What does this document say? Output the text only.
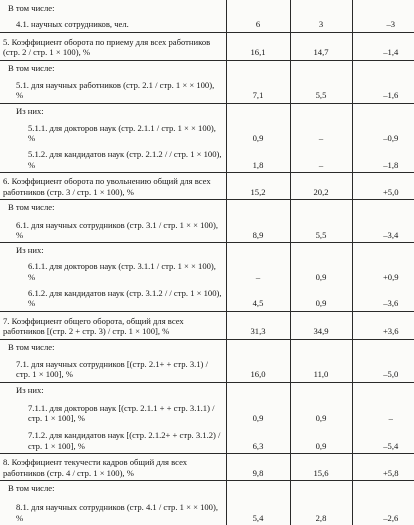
В том числе:			

4.1. научных сотрудников, чел.	6	3	–3

5. Коэффициент оборота по приему для всех работников (стр. 2 / стр. 1 × 100), %	16,1	14,7	–1,4

В том числе:			

5.1. для научных работников (стр. 2.1 / стр. 1 × × 100), %	7,1	5,5	–1,6

Из них:			

5.1.1. для докторов наук (стр. 2.1.1 / стр. 1 × × 100), %	0,9	–	–0,9

5.1.2. для кандидатов наук (стр. 2.1.2 / / стр. 1 × 100), %	1,8	–	–1,8

6. Коэффициент оборота по увольнению общий для всех работников (стр. 3 / стр. 1 × 100), %	15,2	20,2	+5,0

В том числе:			

6.1. для научных сотрудников (стр. 3.1 / стр. 1 × × 100), %	8,9	5,5	–3,4

Из них:			

6.1.1. для докторов наук (стр. 3.1.1 / стр. 1 × × 100), %	–	0,9	+0,9

6.1.2. для кандидатов наук (стр. 3.1.2 / / стр. 1 × 100), %	4,5	0,9	–3,6

7. Коэффициент общего оборота, общий для всех работников [(стр. 2 + стр. 3) / стр. 1 × 100], %	31,3	34,9	+3,6

В том числе:			

7.1. для научных сотрудников [(стр. 2.1+ + стр. 3.1) / стр. 1 × 100], %	16,0	11,0	–5,0

Из них:			

7.1.1. для докторов наук [(стр. 2.1.1 + + стр. 3.1.1) / стр. 1 × 100], %	0,9	0,9	–

7.1.2. для кандидатов наук [(стр. 2.1.2+ + стр. 3.1.2) / стр. 1 × 100], %	6,3	0,9	–5,4

8. Коэффициент текучести кадров общий для всех работников (стр. 4 / стр. 1 × 100), %	9,8	15,6	+5,8

В том числе:			

8.1. для научных сотрудников (стр. 4.1 / стр. 1 × × 100), %	5,4	2,8	–2,6
